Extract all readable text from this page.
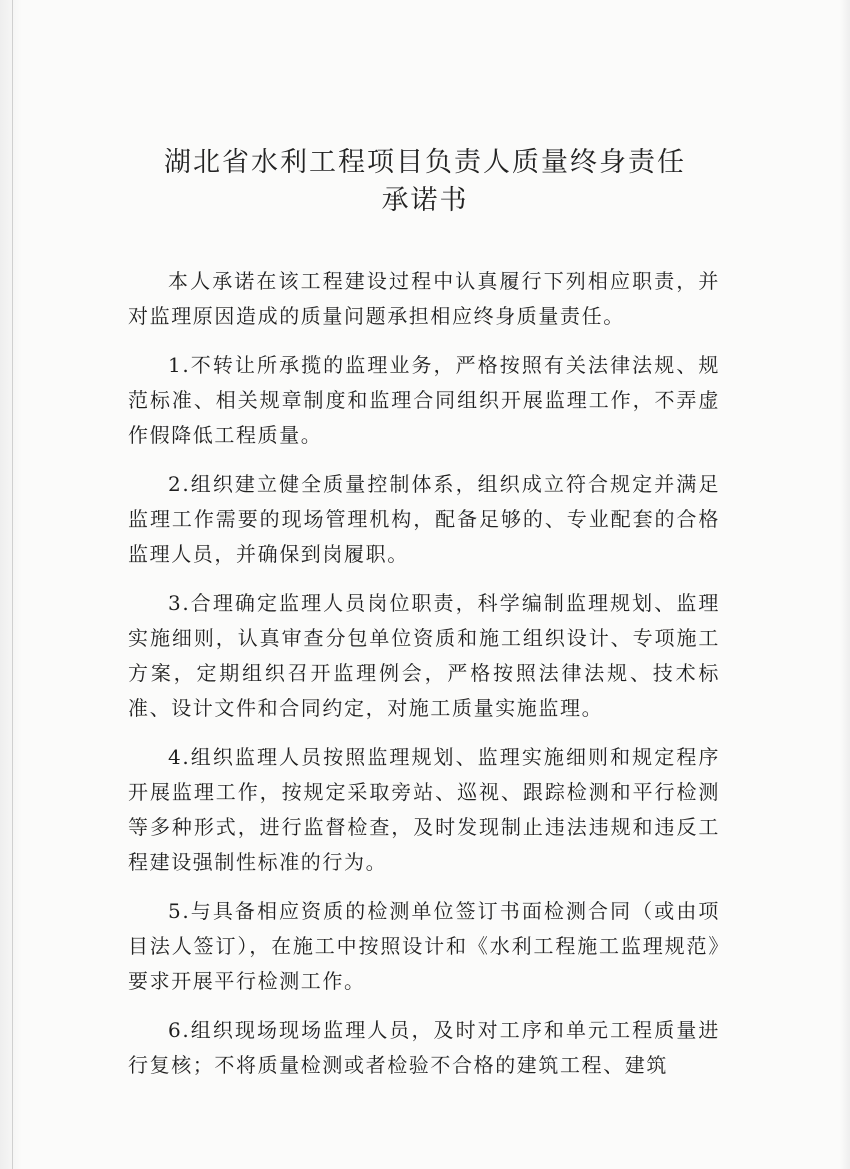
湖北省水利工程项目负责人质量终身责任
承诺书

本人承诺在该工程建设过程中认真履行下列相应职责，并对监理原因造成的质量问题承担相应终身质量责任。

1.不转让所承揽的监理业务，严格按照有关法律法规、规范标准、相关规章制度和监理合同组织开展监理工作，不弄虚作假降低工程质量。

2.组织建立健全质量控制体系，组织成立符合规定并满足监理工作需要的现场管理机构，配备足够的、专业配套的合格监理人员，并确保到岗履职。

3.合理确定监理人员岗位职责，科学编制监理规划、监理实施细则，认真审查分包单位资质和施工组织设计、专项施工方案，定期组织召开监理例会，严格按照法律法规、技术标准、设计文件和合同约定，对施工质量实施监理。

4.组织监理人员按照监理规划、监理实施细则和规定程序开展监理工作，按规定采取旁站、巡视、跟踪检测和平行检测等多种形式，进行监督检查，及时发现制止违法违规和违反工程建设强制性标准的行为。

5.与具备相应资质的检测单位签订书面检测合同（或由项目法人签订），在施工中按照设计和《水利工程施工监理规范》要求开展平行检测工作。

6.组织现场现场监理人员，及时对工序和单元工程质量进行复核；不将质量检测或者检验不合格的建筑工程、建筑
